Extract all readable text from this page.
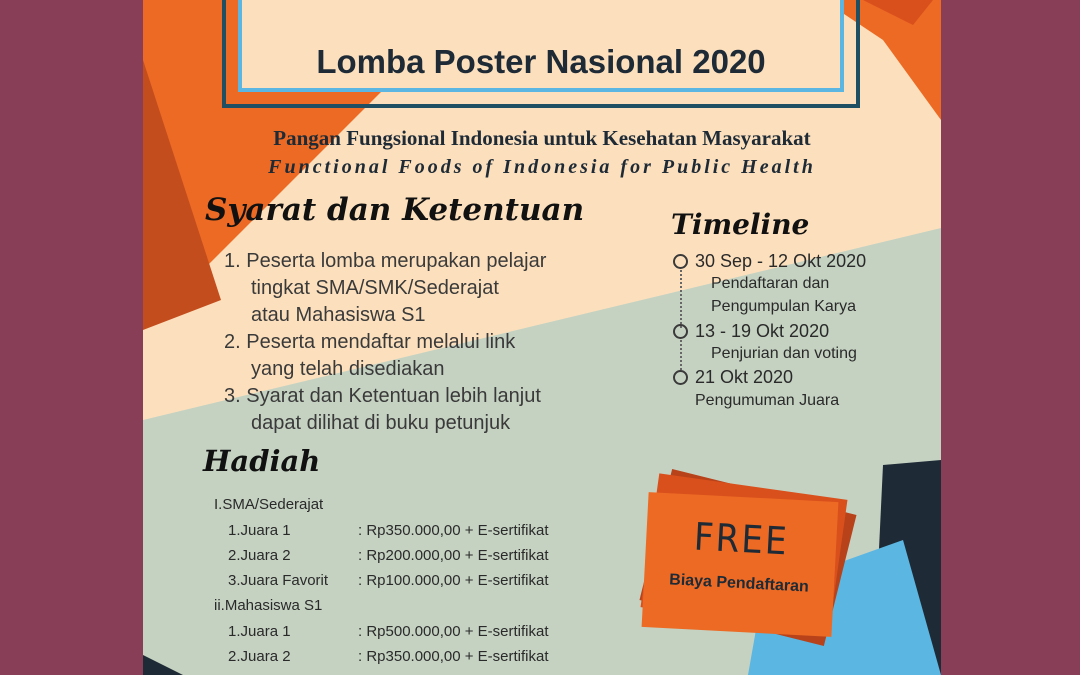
Lomba Poster Nasional 2020
Pangan Fungsional Indonesia untuk Kesehatan Masyarakat
Functional Foods of Indonesia for Public Health
Syarat dan Ketentuan
1. Peserta lomba merupakan pelajar
tingkat SMA/SMK/Sederajat
atau Mahasiswa S1
2. Peserta mendaftar melalui link
yang telah disediakan
3. Syarat dan Ketentuan lebih lanjut
dapat dilihat di buku petunjuk
Timeline
30 Sep - 12 Okt 2020
Pendaftaran dan
Pengumpulan Karya
13 - 19 Okt 2020
Penjurian dan voting
21 Okt 2020
Pengumuman Juara
Hadiah
I.SMA/Sederajat
1.Juara 1	: Rp350.000,00 + E-sertifikat
2.Juara 2	: Rp200.000,00 + E-sertifikat
3.Juara Favorit : Rp100.000,00 + E-sertifikat
ii.Mahasiswa S1
1.Juara 1	: Rp500.000,00 + E-sertifikat
2.Juara 2	: Rp350.000,00 + E-sertifikat
FREE
Biaya Pendaftaran
